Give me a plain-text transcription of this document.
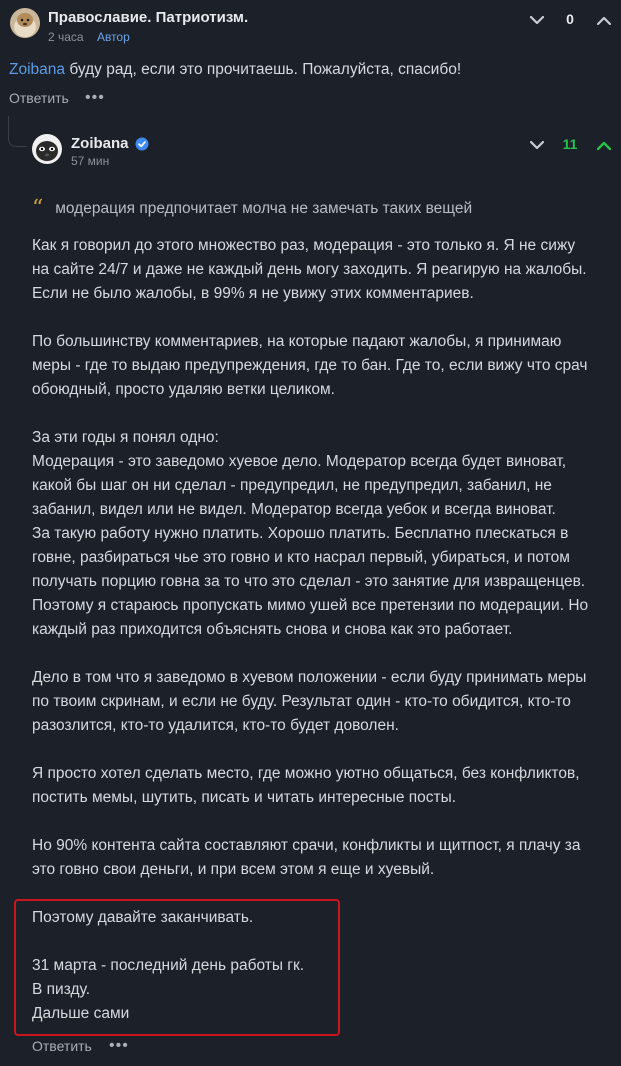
Православие. Патриотизм.
2 часа Автор
0
Zoibana буду рад, если это прочитаешь. Пожалуйста, спасибо!
Ответить •••
Zoibana
57 мин
11
“ модерация предпочитает молча не замечать таких вещей
Как я говорил до этого множество раз, модерация - это только я. Я не сижу
на сайте 24/7 и даже не каждый день могу заходить. Я реагирую на жалобы.
Если не было жалобы, в 99% я не увижу этих комментариев.
По большинству комментариев, на которые падают жалобы, я принимаю
меры - где то выдаю предупреждения, где то бан. Где то, если вижу что срач
обоюдный, просто удаляю ветки целиком.
За эти годы я понял одно:
Модерация - это заведомо хуевое дело. Модератор всегда будет виноват,
какой бы шаг он ни сделал - предупредил, не предупредил, забанил, не
забанил, видел или не видел. Модератор всегда уебок и всегда виноват.
За такую работу нужно платить. Хорошо платить. Бесплатно плескаться в
говне, разбираться чье это говно и кто насрал первый, убираться, и потом
получать порцию говна за то что это сделал - это занятие для извращенцев.
Поэтому я стараюсь пропускать мимо ушей все претензии по модерации. Но
каждый раз приходится объяснять снова и снова как это работает.
Дело в том что я заведомо в хуевом положении - если буду принимать меры
по твоим скринам, и если не буду. Результат один - кто-то обидится, кто-то
разозлится, кто-то удалится, кто-то будет доволен.
Я просто хотел сделать место, где можно уютно общаться, без конфликтов,
постить мемы, шутить, писать и читать интересные посты.
Но 90% контента сайта составляют срачи, конфликты и щитпост, я плачу за
это говно свои деньги, и при всем этом я еще и хуевый.
Поэтому давайте заканчивать.
31 марта - последний день работы гк.
В пизду.
Дальше сами
Ответить •••
